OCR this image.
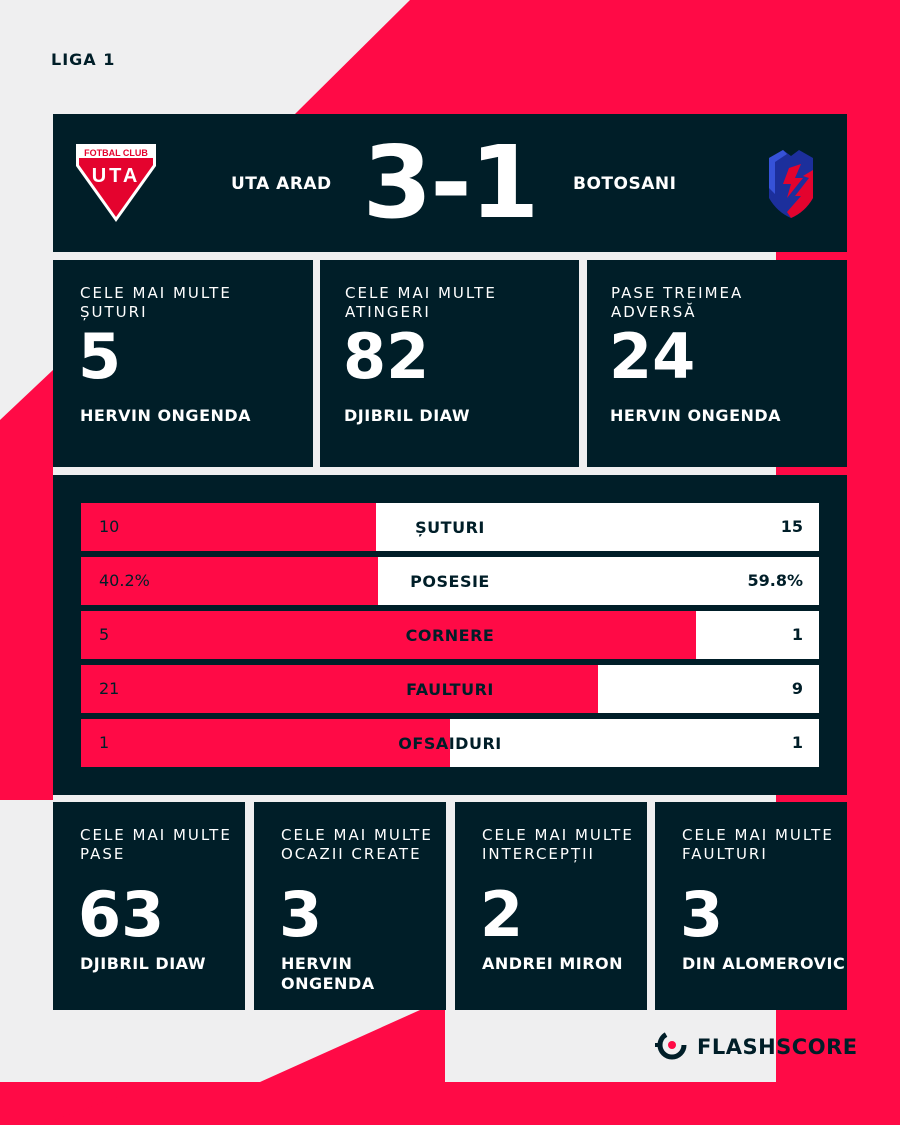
LIGA 1
FOTBAL CLUB
UTA	UTA ARAD 3-1	BOTOSANI
CELE MAI MULTE ȘUTURI
5
HERVIN ONGENDA
CELE MAI MULTE ATINGERI
82
DJIBRIL DIAW
PASE TREIMEA ADVERSĂ
24
HERVIN ONGENDA
10	ȘUTURI	15
40.2%	POSESIE	59.8%
5	CORNERE	1
21	FAULTURI	9
1	OFSAIDURI	1
CELE MAI MULTE PASE
63
DJIBRIL DIAW
CELE MAI MULTE OCAZII CREATE
3
HERVIN ONGENDA
CELE MAI MULTE INTERCEPȚII
2
ANDREI MIRON
CELE MAI MULTE FAULTURI
3
DIN ALOMEROVIC
FLASHSCORE
